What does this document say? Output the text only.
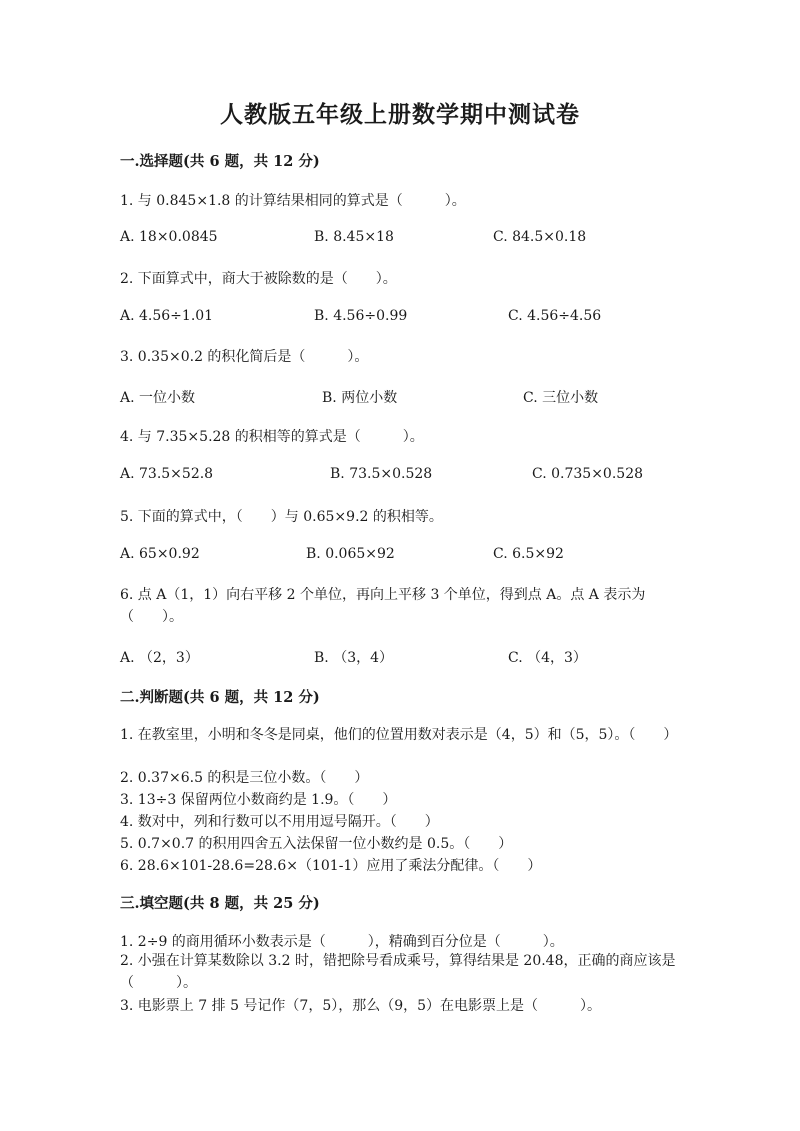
人教版五年级上册数学期中测试卷
一.选择题(共 6 题，共 12 分)
1. 与 0.845×1.8 的计算结果相同的算式是（　　　）。
A. 18×0.0845	B. 8.45×18	C. 84.5×0.18
2. 下面算式中，商大于被除数的是（　　）。
A. 4.56÷1.01	B. 4.56÷0.99	C. 4.56÷4.56
3. 0.35×0.2 的积化简后是（　　　）。
A. 一位小数	B. 两位小数	C. 三位小数
4. 与 7.35×5.28 的积相等的算式是（　　　）。
A. 73.5×52.8	B. 73.5×0.528	C. 0.735×0.528
5. 下面的算式中，（　　）与 0.65×9.2 的积相等。
A. 65×0.92	B. 0.065×92	C. 6.5×92
6. 点 A（1，1）向右平移 2 个单位，再向上平移 3 个单位，得到点 A。点 A 表示为（　　）。
A. （2，3）	B. （3，4）	C. （4，3）
二.判断题(共 6 题，共 12 分)
1. 在教室里，小明和冬冬是同桌，他们的位置用数对表示是（4，5）和（5，5）。（　　）
2. 0.37×6.5 的积是三位小数。（　　）
3. 13÷3 保留两位小数商约是 1.9。（　　）
4. 数对中，列和行数可以不用用逗号隔开。（　　）
5. 0.7×0.7 的积用四舍五入法保留一位小数约是 0.5。（　　）
6. 28.6×101-28.6=28.6×（101-1）应用了乘法分配律。（　　）
三.填空题(共 8 题，共 25 分)
1. 2÷9 的商用循环小数表示是（　　　），精确到百分位是（　　　）。
2. 小强在计算某数除以 3.2 时，错把除号看成乘号，算得结果是 20.48，正确的商应该是（　　　）。
3. 电影票上 7 排 5 号记作（7，5），那么（9，5）在电影票上是（　　　）。
